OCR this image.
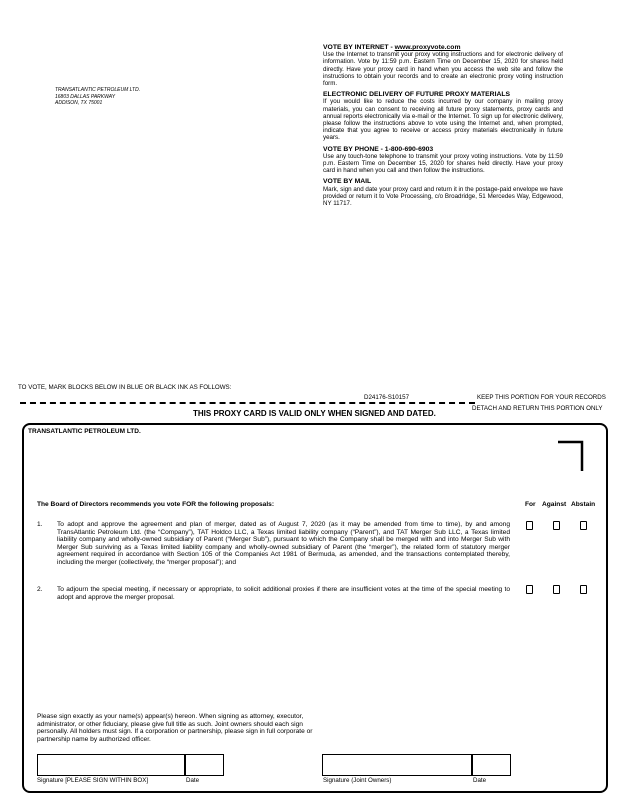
TRANSATLANTIC PETROLEUM LTD.
16803 DALLAS PARKWAY
ADDISON, TX 75001
VOTE BY INTERNET - www.proxyvote.com
Use the Internet to transmit your proxy voting instructions and for electronic delivery of information. Vote by 11:59 p.m. Eastern Time on December 15, 2020 for shares held directly. Have your proxy card in hand when you access the web site and follow the instructions to obtain your records and to create an electronic proxy voting instruction form.
ELECTRONIC DELIVERY OF FUTURE PROXY MATERIALS
If you would like to reduce the costs incurred by our company in mailing proxy materials, you can consent to receiving all future proxy statements, proxy cards and annual reports electronically via e-mail or the Internet. To sign up for electronic delivery, please follow the instructions above to vote using the Internet and, when prompted, indicate that you agree to receive or access proxy materials electronically in future years.
VOTE BY PHONE - 1-800-690-6903
Use any touch-tone telephone to transmit your proxy voting instructions. Vote by 11:59 p.m. Eastern Time on December 15, 2020 for shares held directly. Have your proxy card in hand when you call and then follow the instructions.
VOTE BY MAIL
Mark, sign and date your proxy card and return it in the postage-paid envelope we have provided or return it to Vote Processing, c/o Broadridge, 51 Mercedes Way, Edgewood, NY 11717.
TO VOTE, MARK BLOCKS BELOW IN BLUE OR BLACK INK AS FOLLOWS:
D24176-S10157	KEEP THIS PORTION FOR YOUR RECORDS
DETACH AND RETURN THIS PORTION ONLY
THIS PROXY CARD IS VALID ONLY WHEN SIGNED AND DATED.
TRANSATLANTIC PETROLEUM LTD.
The Board of Directors recommends you vote FOR the following proposals:	For Against Abstain
1. To adopt and approve the agreement and plan of merger, dated as of August 7, 2020 (as it may be amended from time to time), by and among TransAtlantic Petroleum Ltd. (the “Company”), TAT Holdco LLC, a Texas limited liability company (“Parent”), and TAT Merger Sub LLC, a Texas limited liability company and wholly-owned subsidiary of Parent (“Merger Sub”), pursuant to which the Company shall be merged with and into Merger Sub with Merger Sub surviving as a Texas limited liability company and wholly-owned subsidiary of Parent (the “merger”), the related form of statutory merger agreement required in accordance with Section 105 of the Companies Act 1981 of Bermuda, as amended, and the transactions contemplated thereby, including the merger (collectively, the “merger proposal”); and
2. To adjourn the special meeting, if necessary or appropriate, to solicit additional proxies if there are insufficient votes at the time of the special meeting to adopt and approve the merger proposal.
Please sign exactly as your name(s) appear(s) hereon. When signing as attorney, executor, administrator, or other fiduciary, please give full title as such. Joint owners should each sign personally. All holders must sign. If a corporation or partnership, please sign in full corporate or partnership name by authorized officer.
Signature [PLEASE SIGN WITHIN BOX]	Date	Signature (Joint Owners)	Date
